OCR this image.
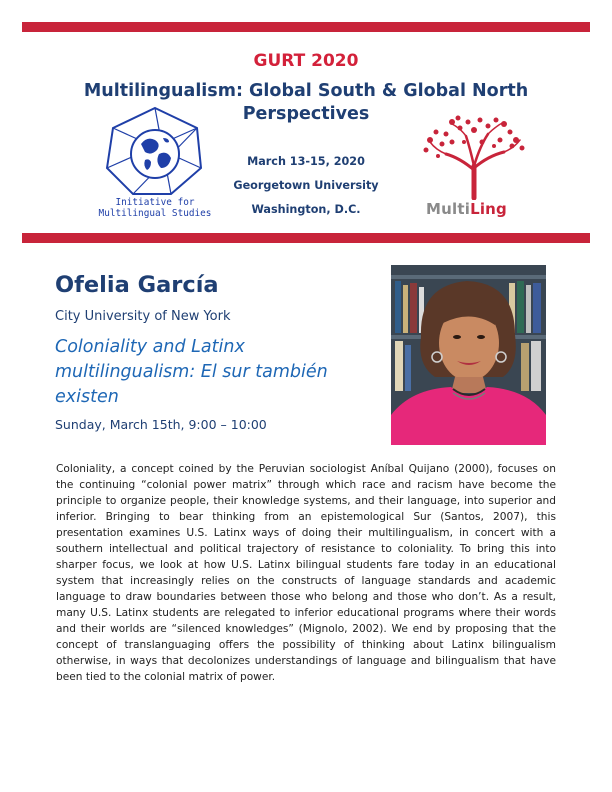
GURT 2020
Multilingualism: Global South & Global North Perspectives
Initiative for
Multilingual Studies
March 13-15, 2020
Georgetown University
Washington, D.C.	MultiLing
Ofelia García
City University of New York
Coloniality and Latinx multilingualism: El sur también existen
Sunday, March 15th, 9:00 – 10:00
Coloniality, a concept coined by the Peruvian sociologist Aníbal Quijano (2000), focuses on the continuing “colonial power matrix” through which race and racism have become the principle to organize people, their knowledge systems, and their language, into superior and inferior. Bringing to bear thinking from an epistemological Sur (Santos, 2007), this presentation examines U.S. Latinx ways of doing their multilingualism, in concert with a southern intellectual and political trajectory of resistance to coloniality. To bring this into sharper focus, we look at how U.S. Latinx bilingual students fare today in an educational system that increasingly relies on the constructs of language standards and academic language to draw boundaries between those who belong and those who don’t. As a result, many U.S. Latinx students are relegated to inferior educational programs where their words and their worlds are “silenced knowledges” (Mignolo, 2002). We end by proposing that the concept of translanguaging offers the possibility of thinking about Latinx bilingualism otherwise, in ways that decolonizes understandings of language and bilingualism that have been tied to the colonial matrix of power.
